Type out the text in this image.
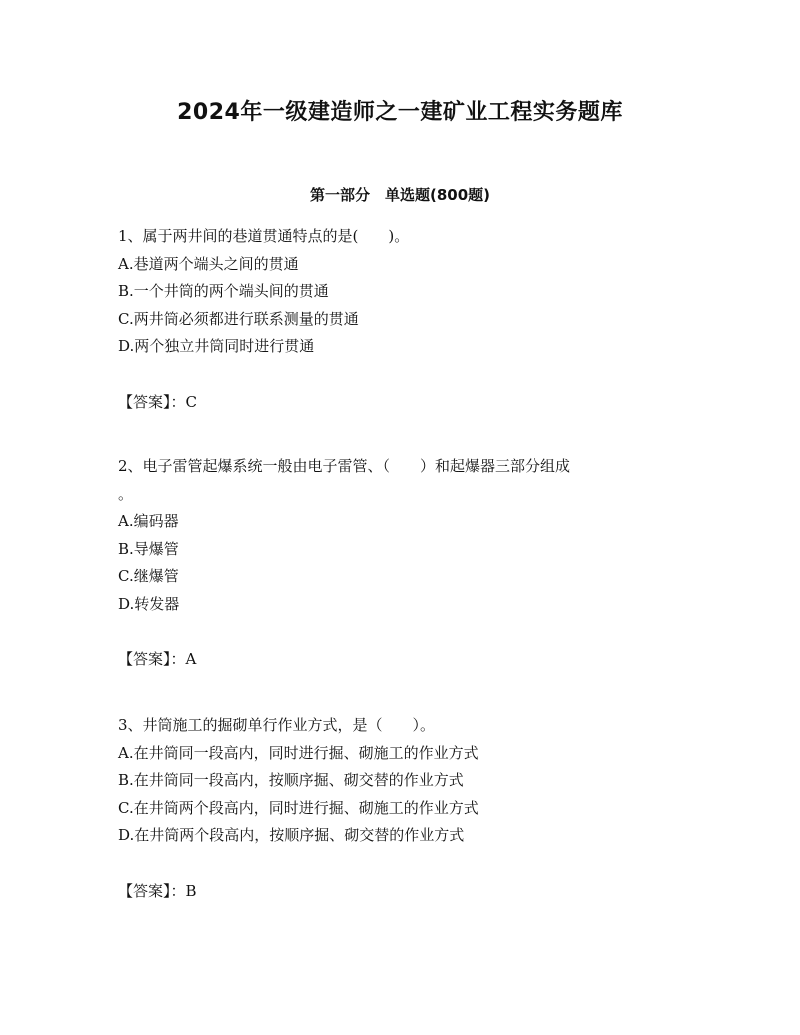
2024年一级建造师之一建矿业工程实务题库
第一部分　单选题(800题)
1、属于两井间的巷道贯通特点的是(　　)。
A.巷道两个端头之间的贯通
B.一个井筒的两个端头间的贯通
C.两井筒必须都进行联系测量的贯通
D.两个独立井筒同时进行贯通
【答案】：C
2、电子雷管起爆系统一般由电子雷管、（　　）和起爆器三部分组成
。
A.编码器
B.导爆管
C.继爆管
D.转发器
【答案】：A
3、井筒施工的掘砌单行作业方式，是（　　）。
A.在井筒同一段高内，同时进行掘、砌施工的作业方式
B.在井筒同一段高内，按顺序掘、砌交替的作业方式
C.在井筒两个段高内，同时进行掘、砌施工的作业方式
D.在井筒两个段高内，按顺序掘、砌交替的作业方式
【答案】：B
